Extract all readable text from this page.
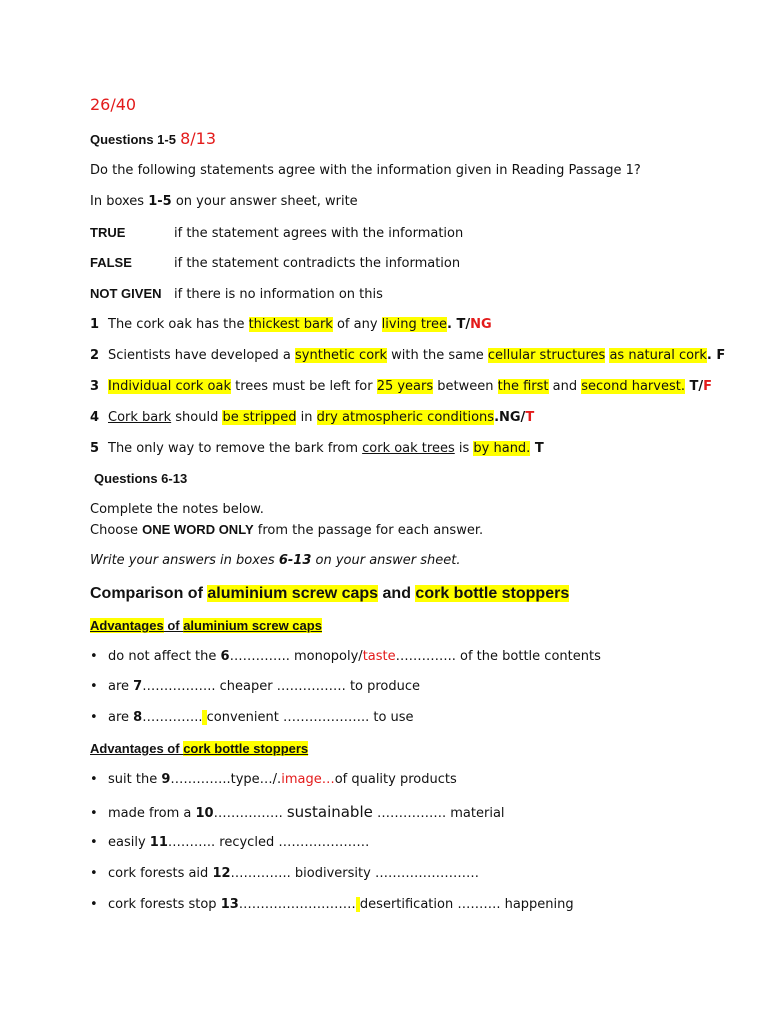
26/40
Questions 1-5 8/13
Do the following statements agree with the information given in Reading Passage 1?
In boxes 1-5 on your answer sheet, write
TRUE	if the statement agrees with the information
FALSE	if the statement contradicts the information
NOT GIVEN if there is no information on this
1 The cork oak has the thickest bark of any living tree. T/NG
2 Scientists have developed a synthetic cork with the same cellular structures as natural cork. F
3 Individual cork oak trees must be left for 25 years between the first and second harvest. T/F
4 Cork bark should be stripped in dry atmospheric conditions.NG/T
5 The only way to remove the bark from cork oak trees is by hand. T
Questions 6-13
Complete the notes below.
Choose ONE WORD ONLY from the passage for each answer.
Write your answers in boxes 6-13 on your answer sheet.
Comparison of aluminium screw caps and cork bottle stoppers
Advantages of aluminium screw caps
• do not affect the 6………….. monopoly/taste………….. of the bottle contents
• are 7…………….. cheaper ……………. to produce
• are 8………….. convenient ……………….. to use
Advantages of cork bottle stoppers
• suit the 9…………..type…/.image…of quality products
• made from a 10……………. sustainable ……………. material
• easily 11……….. recycled …………………
• cork forests aid 12………….. biodiversity ……………………
• cork forests stop 13……………………… desertification ………. happening
